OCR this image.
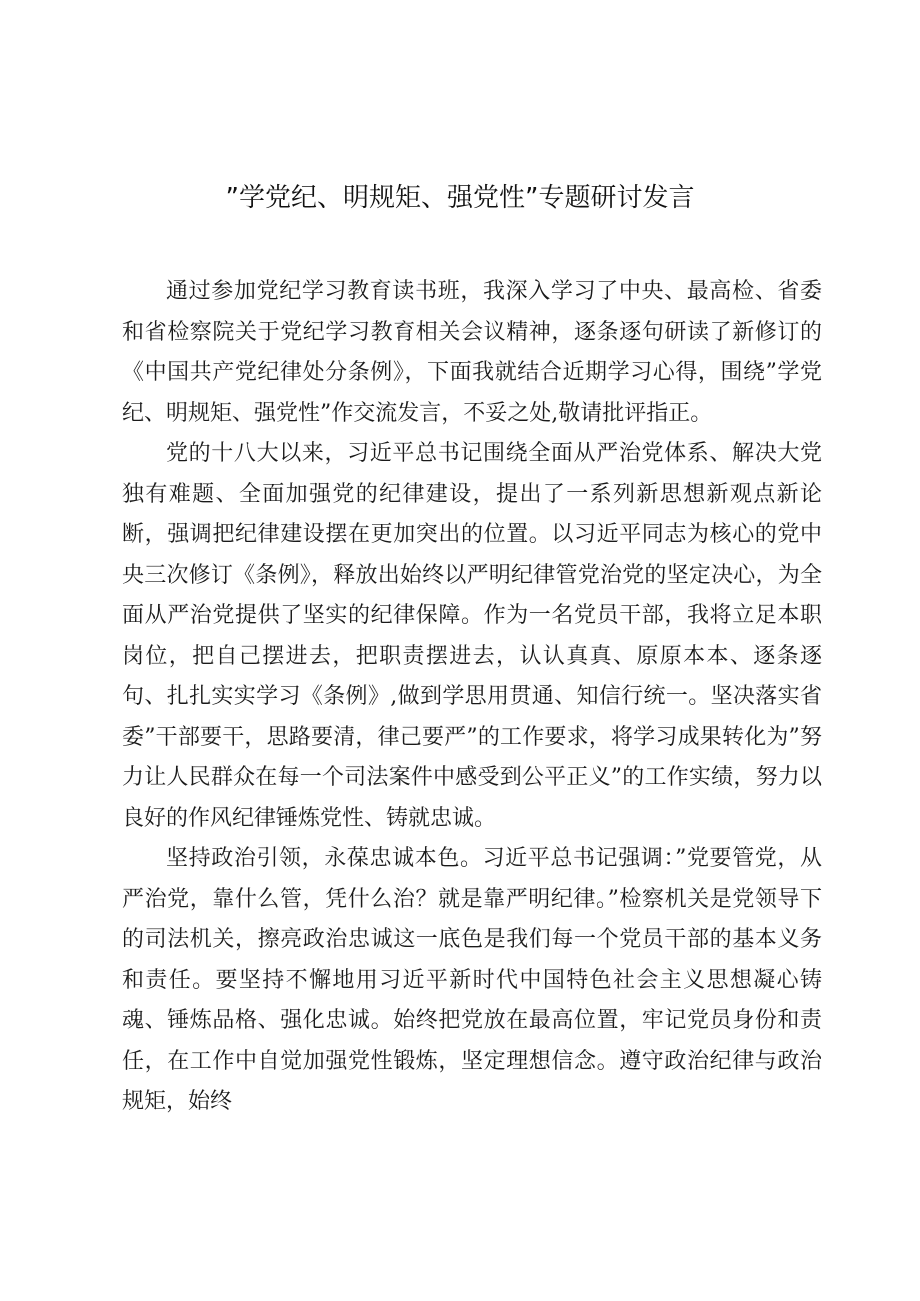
”学党纪、明规矩、强党性”专题研讨发言

通过参加党纪学习教育读书班，我深入学习了中央、最高检、省委和省检察院关于党纪学习教育相关会议精神，逐条逐句研读了新修订的《中国共产党纪律处分条例》，下面我就结合近期学习心得，围绕”学党纪、明规矩、强党性”作交流发言，不妥之处,敬请批评指正。

党的十八大以来，习近平总书记围绕全面从严治党体系、解决大党独有难题、全面加强党的纪律建设，提出了一系列新思想新观点新论断，强调把纪律建设摆在更加突出的位置。以习近平同志为核心的党中央三次修订《条例》，释放出始终以严明纪律管党治党的坚定决心，为全面从严治党提供了坚实的纪律保障。作为一名党员干部，我将立足本职岗位，把自己摆进去，把职责摆进去，认认真真、原原本本、逐条逐句、扎扎实实学习《条例》,做到学思用贯通、知信行统一。坚决落实省委”干部要干，思路要清，律己要严”的工作要求，将学习成果转化为”努力让人民群众在每一个司法案件中感受到公平正义”的工作实绩，努力以良好的作风纪律锤炼党性、铸就忠诚。

坚持政治引领，永葆忠诚本色。习近平总书记强调：”党要管党，从严治党，靠什么管，凭什么治？就是靠严明纪律。”检察机关是党领导下的司法机关，擦亮政治忠诚这一底色是我们每一个党员干部的基本义务和责任。要坚持不懈地用习近平新时代中国特色社会主义思想凝心铸魂、锤炼品格、强化忠诚。始终把党放在最高位置，牢记党员身份和责任，在工作中自觉加强党性锻炼，坚定理想信念。遵守政治纪律与政治规矩，始终
